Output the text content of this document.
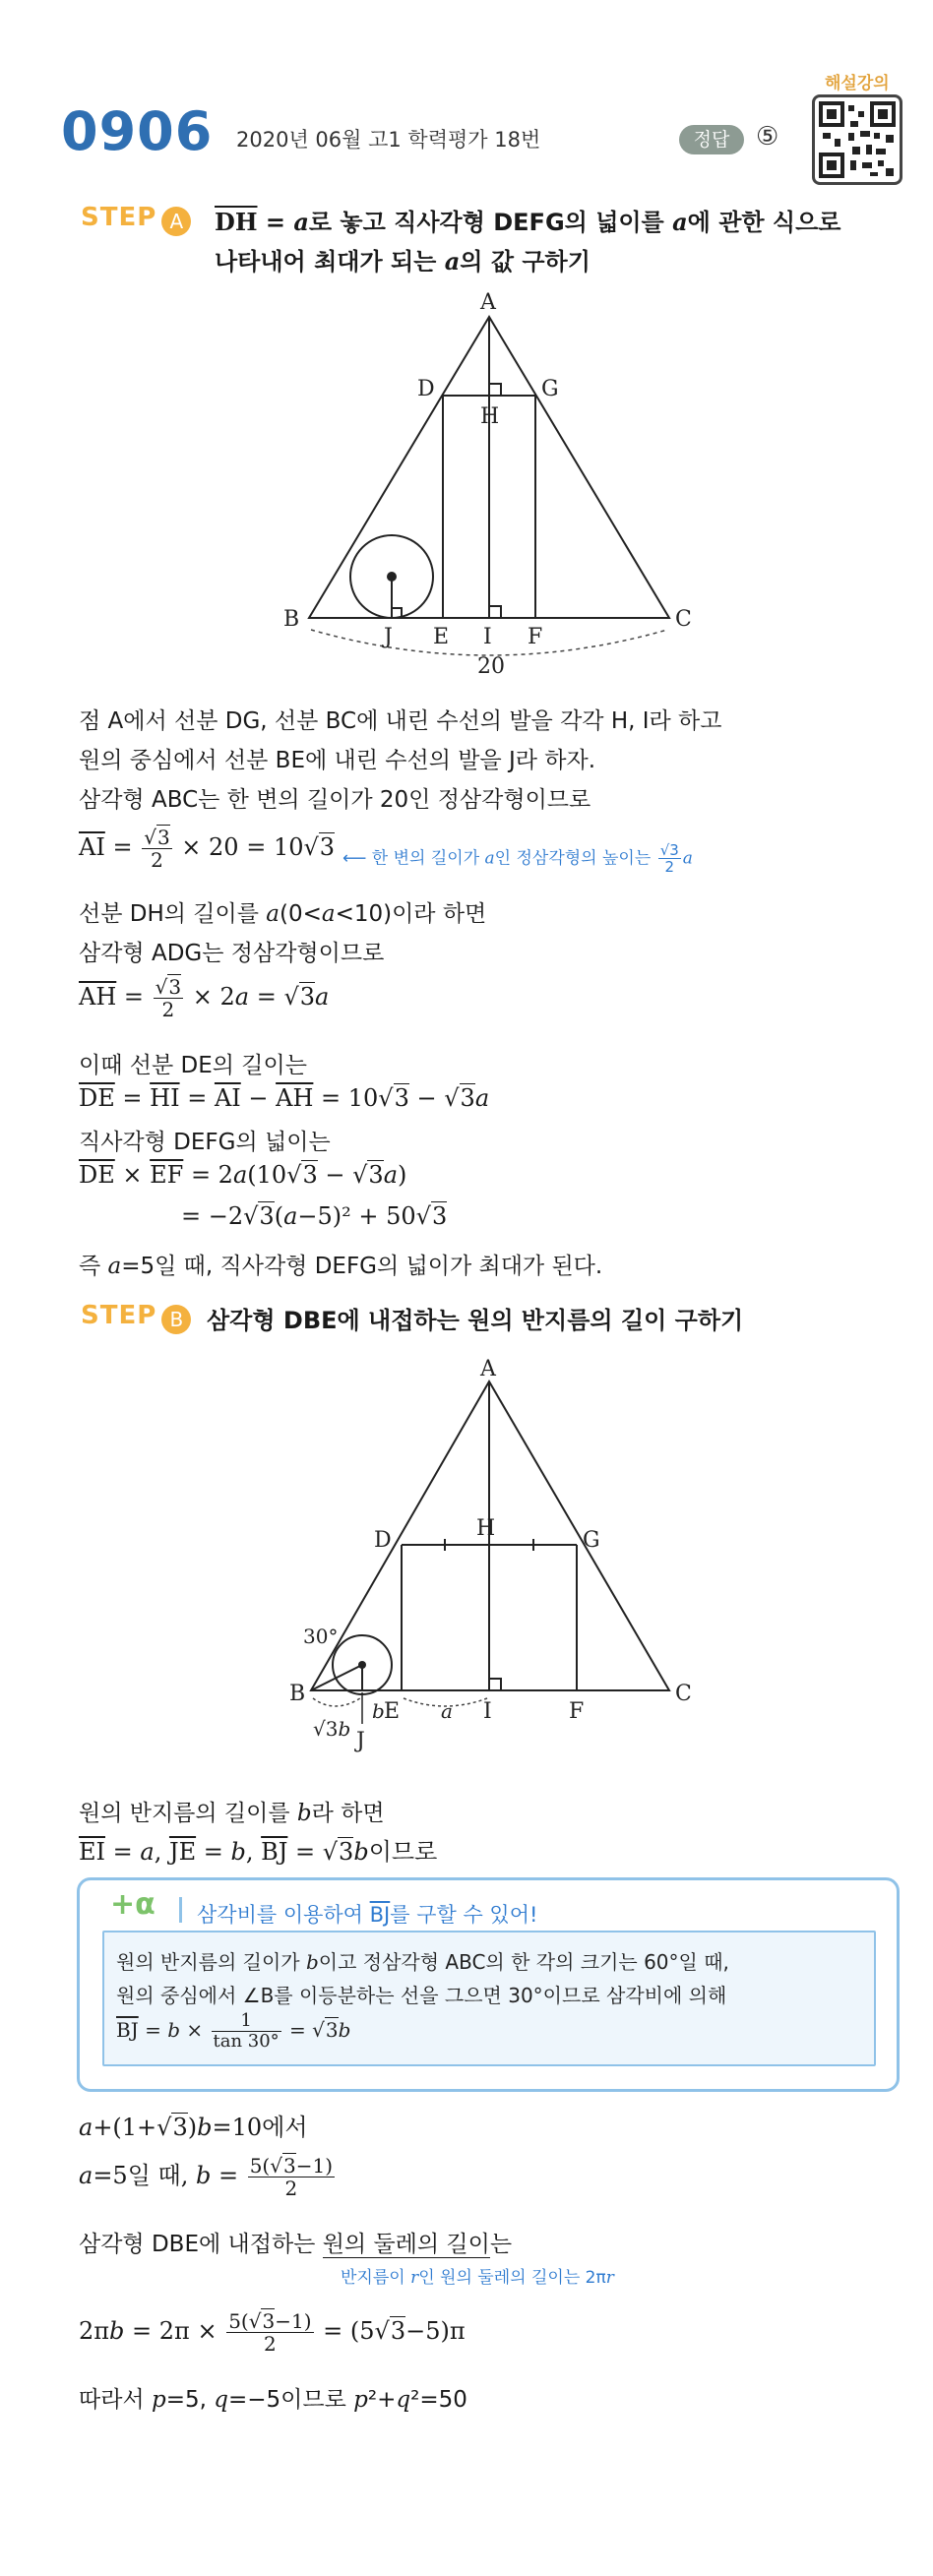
0906 2020년 06월 고1 학력평가 18번	정답	⑤
해설강의
STEP A	$\overline{DH} = a$로 놓고 직사각형 DEFG의 넓이를 a에 관한 식으로
나타내어 최대가 되는 a의 값 구하기
A
D	G
H
B	C
J E I F
20
점 A에서 선분 DG, 선분 BC에 내린 수선의 발을 각각 H, I라 하고
원의 중심에서 선분 BE에 내린 수선의 발을 J라 하자.
삼각형 ABC는 한 변의 길이가 20인 정삼각형이므로
$\overline{AI} = \frac{√3}{2} \times 20 = 10√3$ ⟵ 한 변의 길이가 a인 정삼각형의 높이는 $\frac{√3}{2}$ a
선분 DH의 길이를 a(0<a<10)이라 하면
삼각형 ADG는 정삼각형이므로
$\overline{AH} = \frac{√3}{2} \times 2a = √3a$
이때 선분 DE의 길이는
$\overline{DE} = \overline{HI} = \overline{AI} - \overline{AH} = 10√3 - √3a$
직사각형 DEFG의 넓이는
$\overline{DE} \times \overline{EF} = 2a(10√3 - √3a)$
= −2√3(a−5)² + 50√3
즉 a=5일 때, 직사각형 DEFG의 넓이가 최대가 된다.
STEP B 삼각형 DBE에 내접하는 원의 반지름의 길이 구하기
A
D	H	G
30°
B	C
√3b
b E a I	F
J
원의 반지름의 길이를 b라 하면
$\overline{EI} = a$, $\overline{JE} = b$, $\overline{BJ} = √3b$이므로
+α 삼각비를 이용하여 $\overline{BJ}$를 구할 수 있어!
원의 반지름의 길이가 b이고 정삼각형 ABC의 한 각의 크기는 60°일 때,
원의 중심에서 ∠B를 이등분하는 선을 그으면 30°이므로 삼각비에 의해
$\overline{BJ} = b \times \frac{1}{\tan 30^\circ} = √3b$
a+(1+√3)b=10에서
a=5일 때, $b = \frac{5(√3-1)}{2}$
삼각형 DBE에 내접하는 원의 둘레의 길이는
반지름이 r인 원의 둘레의 길이는 2πr
$2\pi b = 2\pi \times \frac{5(√3-1)}{2} = (5√3-5)\pi$
따라서 p=5, q=−5이므로 p²+q²=50
